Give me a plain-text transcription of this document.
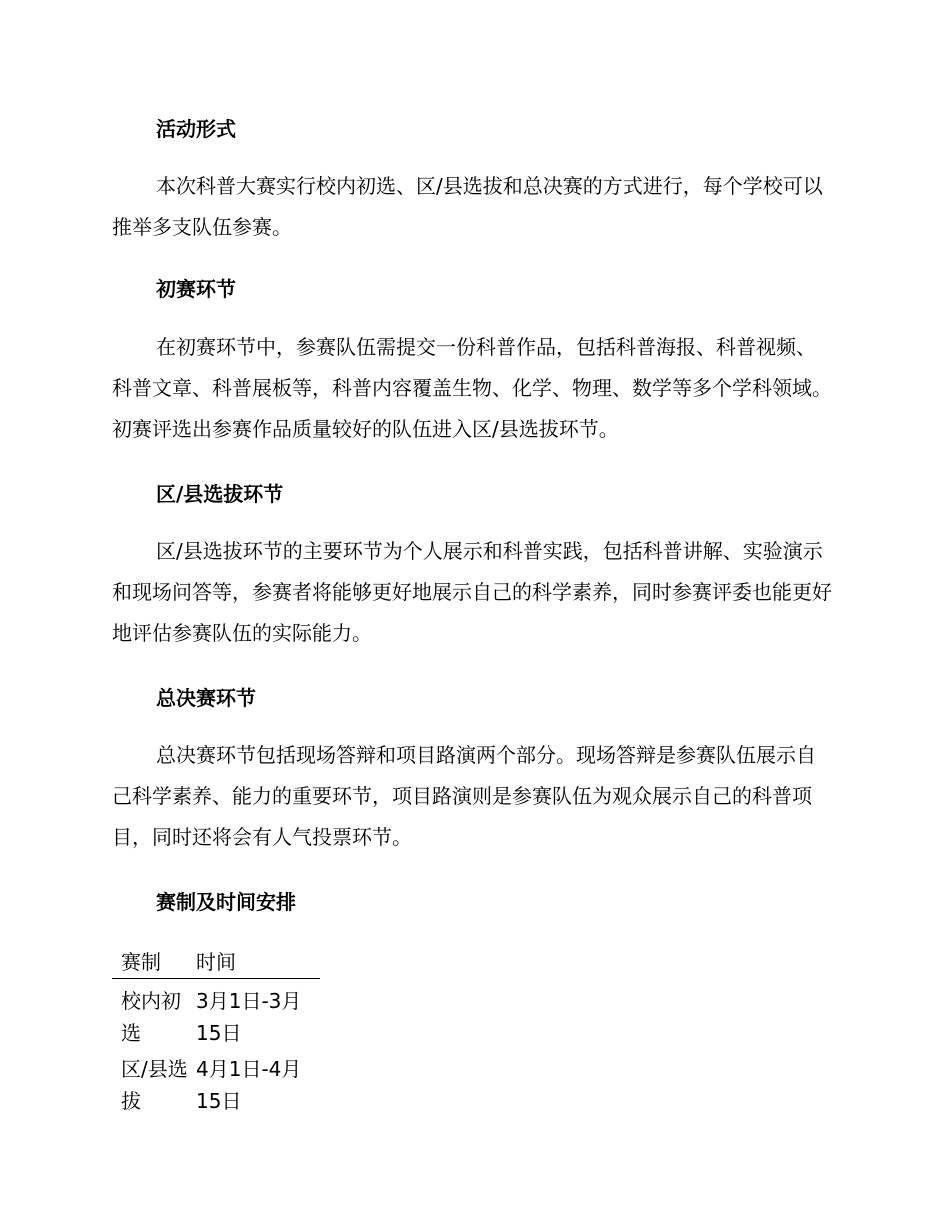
活动形式

本次科普大赛实行校内初选、区/县选拔和总决赛的方式进行，每个学校可以推举多支队伍参赛。

初赛环节

在初赛环节中，参赛队伍需提交一份科普作品，包括科普海报、科普视频、科普文章、科普展板等，科普内容覆盖生物、化学、物理、数学等多个学科领域。初赛评选出参赛作品质量较好的队伍进入区/县选拔环节。

区/县选拔环节

区/县选拔环节的主要环节为个人展示和科普实践，包括科普讲解、实验演示和现场问答等，参赛者将能够更好地展示自己的科学素养，同时参赛评委也能更好地评估参赛队伍的实际能力。

总决赛环节

总决赛环节包括现场答辩和项目路演两个部分。现场答辩是参赛队伍展示自己科学素养、能力的重要环节，项目路演则是参赛队伍为观众展示自己的科普项目，同时还将会有人气投票环节。

赛制及时间安排
赛制	时间
校内初选
3月1日-3月15日
区/县选拔
4月1日-4月15日
